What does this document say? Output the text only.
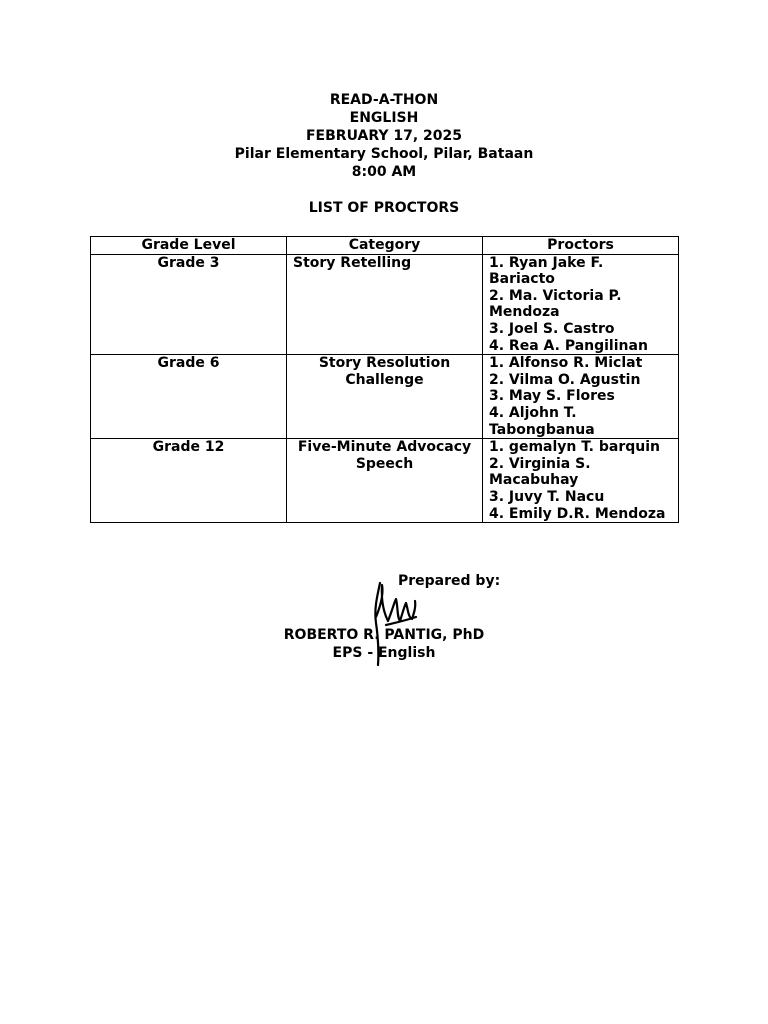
READ-A-THON
ENGLISH
FEBRUARY 17, 2025
Pilar Elementary School, Pilar, Bataan
8:00 AM
LIST OF PROCTORS
Grade Level	Category	Proctors
Grade 3	Story Retelling	1. Ryan Jake F. Bariacto
2. Ma. Victoria P. Mendoza
3. Joel S. Castro
4. Rea A. Pangilinan

Grade 6	Story Resolution Challenge	1. Alfonso R. Miclat
2. Vilma O. Agustin
3. May S. Flores
4. Aljohn T. Tabongbanua

Grade 12	Five-Minute Advocacy Speech	1. gemalyn T. barquin
2. Virginia S. Macabuhay
3. Juvy T. Nacu
4. Emily D.R. Mendoza
Prepared by:
ROBERTO R. PANTIG, PhD
EPS - English
